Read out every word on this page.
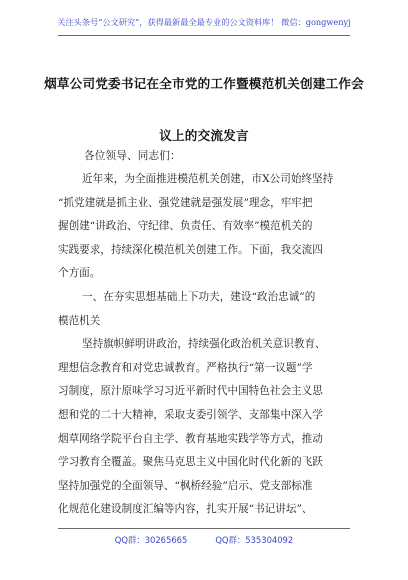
关注头条号“公文研究”，获得最新最全最专业的公文资料库！ 微信：gongwenyj
烟草公司党委书记在全市党的工作暨模范机关创建工作会
议上的交流发言
各位领导、同志们：
近年来，为全面推进模范机关创建，市X公司始终坚持
“抓党建就是抓主业、强党建就是强发展”理念，牢牢把
握创建“讲政治、守纪律、负责任、有效率”模范机关的
实践要求，持续深化模范机关创建工作。下面，我交流四
个方面。
一、在夯实思想基础上下功夫，建设“政治忠诚”的
模范机关
坚持旗帜鲜明讲政治，持续强化政治机关意识教育、
理想信念教育和对党忠诚教育。严格执行“第一议题”学
习制度，原汁原味学习习近平新时代中国特色社会主义思
想和党的二十大精神，采取支委引领学、支部集中深入学
烟草网络学院平台自主学、教育基地实践学等方式，推动
学习教育全覆盖。聚焦马克思主义中国化时代化新的飞跃
坚持加强党的全面领导、“枫桥经验”启示、党支部标准
化规范化建设制度汇编等内容，扎实开展“书记讲坛”、
QQ群：30265665	QQ群：535304092
